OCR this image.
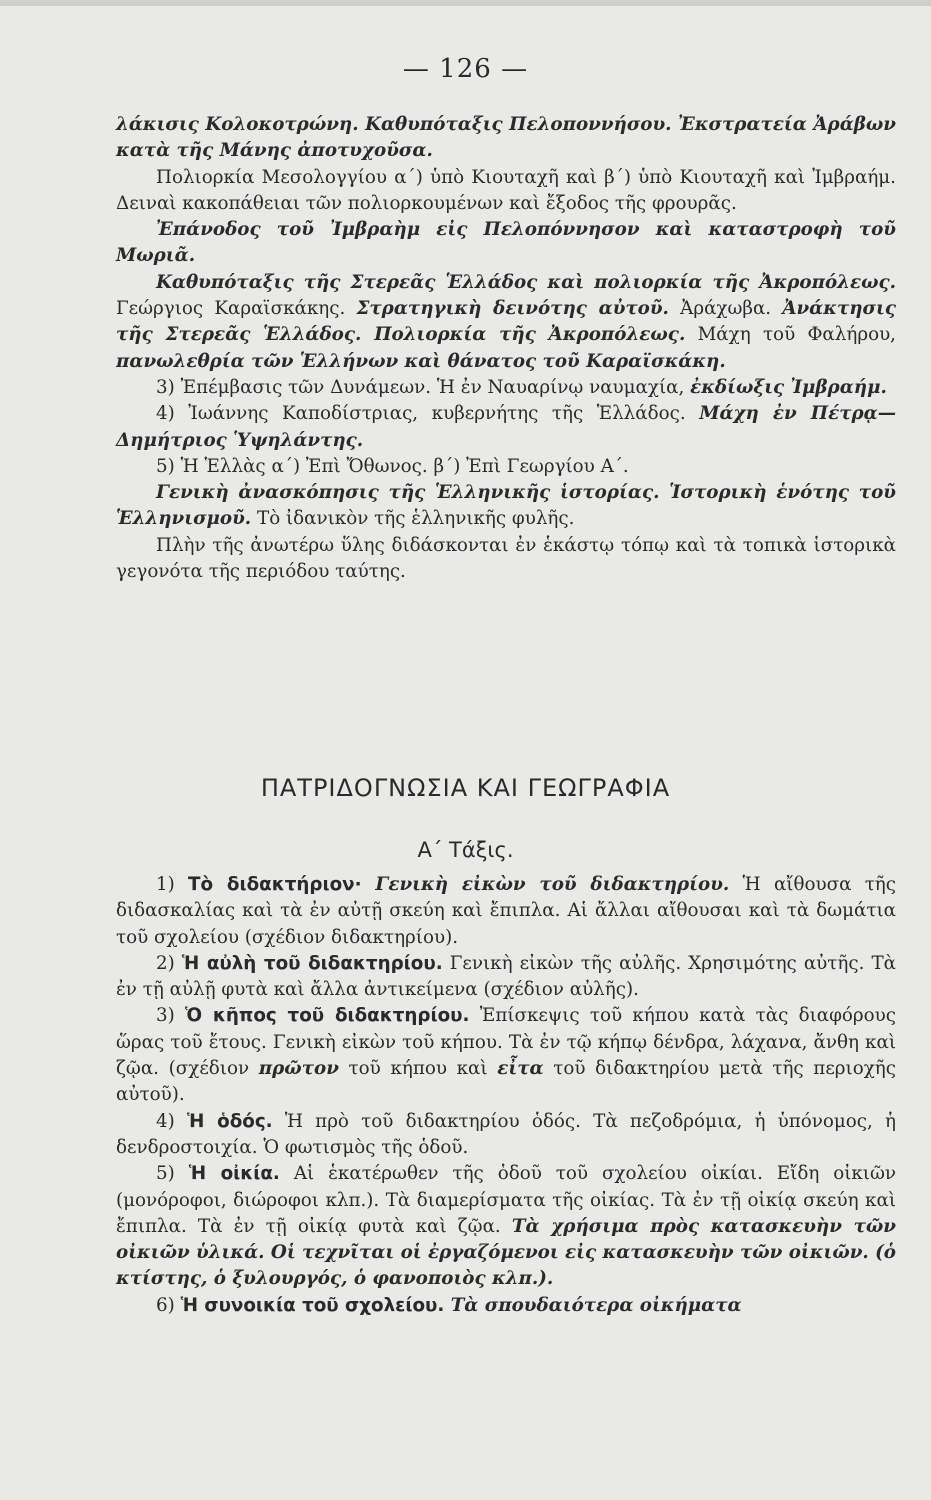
— 126 —

λάκισις Κολοκοτρώνη. Καθυπόταξις Πελοποννήσου. Ἐκστρατεία Ἀράβων κατὰ τῆς Μάνης ἀποτυχοῦσα.

Πολιορκία Μεσολογγίου α΄) ὑπὸ Κιουταχῆ καὶ β΄) ὑπὸ Κιουταχῆ καὶ Ἰμβραήμ. Δειναὶ κακοπάθειαι τῶν πολιορκουμένων καὶ ἔξοδος τῆς φρουρᾶς.

Ἐπάνοδος τοῦ Ἰμβραὴμ εἰς Πελοπόννησον καὶ καταστροφὴ τοῦ Μωριᾶ.

Καθυπόταξις τῆς Στερεᾶς Ἑλλάδος καὶ πολιορκία τῆς Ἀκροπόλεως. Γεώργιος Καραϊσκάκης. Στρατηγικὴ δεινότης αὐτοῦ. Ἀράχωβα. Ἀνάκτησις τῆς Στερεᾶς Ἑλλάδος. Πολιορκία τῆς Ἀκροπόλεως. Μάχη τοῦ Φαλήρου, πανωλεθρία τῶν Ἑλλήνων καὶ θάνατος τοῦ Καραϊσκάκη.

3) Ἐπέμβασις τῶν Δυνάμεων. Ἡ ἐν Ναυαρίνῳ ναυμαχία, ἐκδίωξις Ἰμβραήμ.

4) Ἰωάννης Καποδίστριας, κυβερνήτης τῆς Ἑλλάδος. Μάχη ἐν Πέτρᾳ—Δημήτριος Ὑψηλάντης.

5) Ἡ Ἑλλὰς α΄) Ἐπὶ Ὄθωνος. β΄) Ἐπὶ Γεωργίου Α΄.

Γενικὴ ἀνασκόπησις τῆς Ἑλληνικῆς ἱστορίας. Ἱστορικὴ ἑνότης τοῦ Ἑλληνισμοῦ. Τὸ ἰδανικὸν τῆς ἑλληνικῆς φυλῆς.

Πλὴν τῆς ἀνωτέρω ὕλης διδάσκονται ἐν ἑκάστῳ τόπῳ καὶ τὰ τοπικὰ ἱστορικὰ γεγονότα τῆς περιόδου ταύτης.

ΠΑΤΡΙΔΟΓΝΩΣΙΑ ΚΑΙ ΓΕΩΓΡΑΦΙΑ
Α΄ Τάξις.

1) Τὸ διδακτήριον· Γενικὴ εἰκὼν τοῦ διδακτηρίου. Ἡ αἴθουσα τῆς διδασκαλίας καὶ τὰ ἐν αὐτῇ σκεύη καὶ ἔπιπλα. Αἱ ἄλλαι αἴθουσαι καὶ τὰ δωμάτια τοῦ σχολείου (σχέδιον διδακτηρίου).

2) Ἡ αὐλὴ τοῦ διδακτηρίου. Γενικὴ εἰκὼν τῆς αὐλῆς. Χρησιμότης αὐτῆς. Τὰ ἐν τῇ αὐλῇ φυτὰ καὶ ἄλλα ἀντικείμενα (σχέδιον αὐλῆς).

3) Ὁ κῆπος τοῦ διδακτηρίου. Ἐπίσκεψις τοῦ κήπου κατὰ τὰς διαφόρους ὥρας τοῦ ἔτους. Γενικὴ εἰκὼν τοῦ κήπου. Τὰ ἐν τῷ κήπῳ δένδρα, λάχανα, ἄνθη καὶ ζῷα. (σχέδιον πρῶτον τοῦ κήπου καὶ εἶτα τοῦ διδακτηρίου μετὰ τῆς περιοχῆς αὐτοῦ).

4) Ἡ ὁδός. Ἡ πρὸ τοῦ διδακτηρίου ὁδός. Τὰ πεζοδρόμια, ἡ ὑπόνομος, ἡ δενδροστοιχία. Ὁ φωτισμὸς τῆς ὁδοῦ.

5) Ἡ οἰκία. Αἱ ἑκατέρωθεν τῆς ὁδοῦ τοῦ σχολείου οἰκίαι. Εἴδη οἰκιῶν (μονόροφοι, διώροφοι κλπ.). Τὰ διαμερίσματα τῆς οἰκίας. Τὰ ἐν τῇ οἰκίᾳ σκεύη καὶ ἔπιπλα. Τὰ ἐν τῇ οἰκίᾳ φυτὰ καὶ ζῷα. Τὰ χρήσιμα πρὸς κατασκευὴν τῶν οἰκιῶν ὑλικά. Οἱ τεχνῖται οἱ ἐργαζόμενοι εἰς κατασκευὴν τῶν οἰκιῶν. (ὁ κτίστης, ὁ ξυλουργός, ὁ φανοποιὸς κλπ.).

6) Ἡ συνοικία τοῦ σχολείου. Τὰ σπουδαιότερα οἰκήματα
